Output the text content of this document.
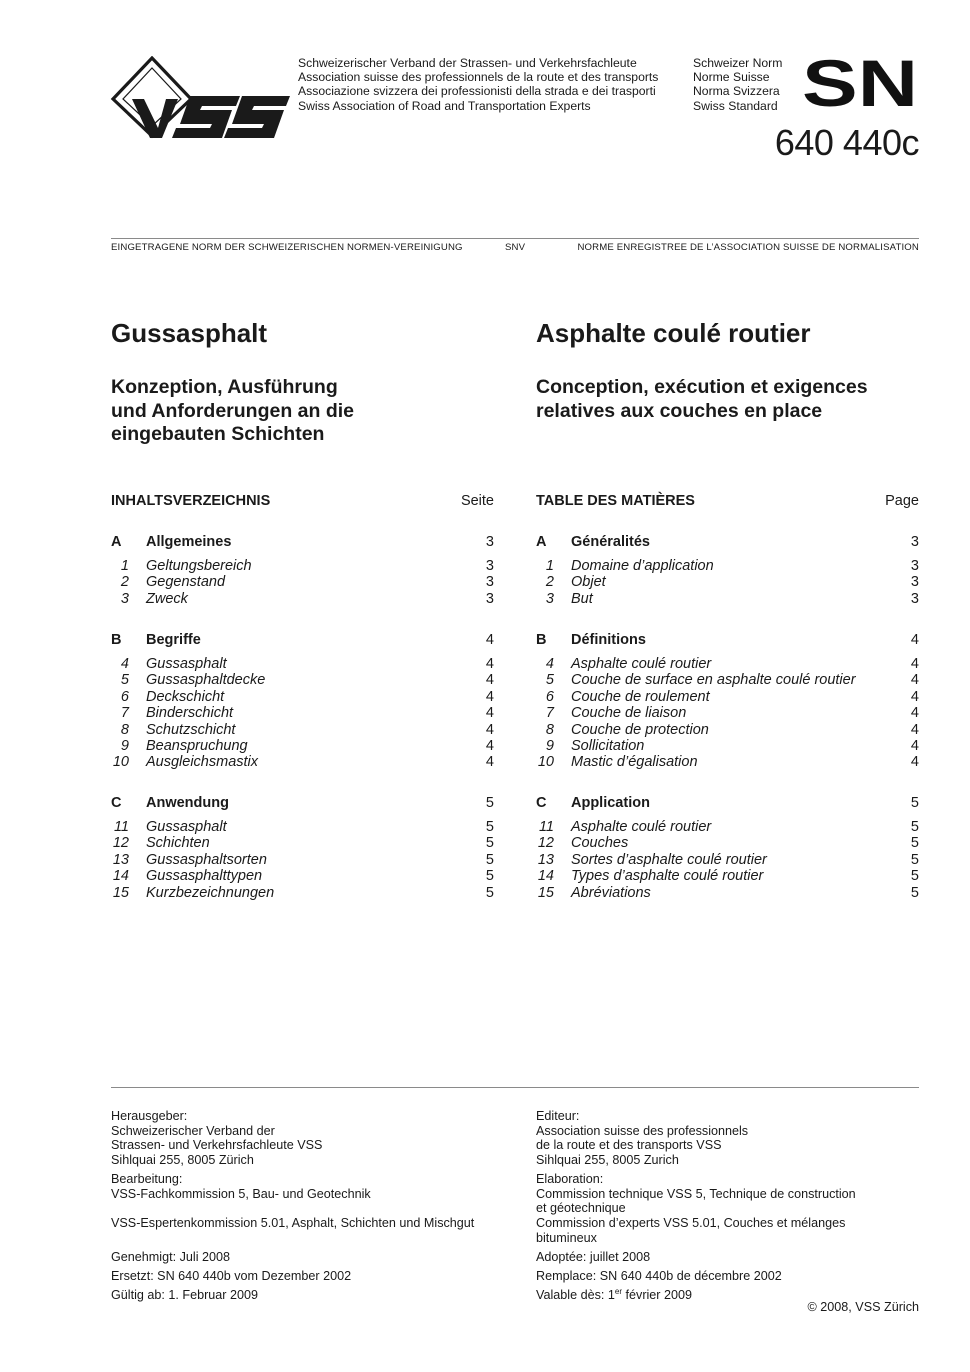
VSS	Schweizerischer Verband der Strassen- und Verkehrsfachleute
Association suisse des professionnels de la route et des transports
Associazione svizzera dei professionisti della strada e dei trasporti
Swiss Association of Road and Transportation Experts
Schweizer Norm
Norme Suisse
Norma Svizzera
Swiss Standard SN
640 440c
EINGETRAGENE NORM DER SCHWEIZERISCHEN NORMEN-VEREINIGUNG	SNV	NORME ENREGISTREE DE L’ASSOCIATION SUISSE DE NORMALISATION
Gussasphalt	Asphalte coulé routier
Konzeption, Ausführung
und Anforderungen an die
eingebauten Schichten
Conception, exécution et exigences
relatives aux couches en place
INHALTSVERZEICHNIS	Seite	TABLE DES MATIÈRES	Page
A	Allgemeines	3
1 Geltungsbereich	3
2 Gegenstand	3
3 Zweck	3
B	Begriffe	4
4 Gussasphalt	4
5 Gussasphaltdecke	4
6 Deckschicht	4
7 Binderschicht	4
8 Schutzschicht	4
9 Beanspruchung	4
10 Ausgleichsmastix	4
C	Anwendung	5
11 Gussasphalt	5
12 Schichten	5
13 Gussasphaltsorten	5
14 Gussasphalttypen	5
15 Kurzbezeichnungen	5
A	Généralités	3
1 Domaine d’application	3
2 Objet	3
3 But	3
B	Définitions	4
4 Asphalte coulé routier	4
5 Couche de surface en asphalte coulé routier	4
6 Couche de roulement	4
7 Couche de liaison	4
8 Couche de protection	4
9 Sollicitation	4
10 Mastic d’égalisation	4
C	Application	5
11 Asphalte coulé routier	5
12 Couches	5
13 Sortes d’asphalte coulé routier	5
14 Types d’asphalte coulé routier	5
15 Abréviations	5
Herausgeber:
Schweizerischer Verband der
Strassen- und Verkehrsfachleute VSS
Sihlquai 255, 8005 Zürich
Bearbeitung:
VSS-Fachkommission 5, Bau- und Geotechnik
VSS-Espertenkommission 5.01, Asphalt, Schichten und Mischgut
Genehmigt: Juli 2008
Ersetzt: SN 640 440b vom Dezember 2002
Gültig ab: 1. Februar 2009
Editeur:
Association suisse des professionnels
de la route et des transports VSS
Sihlquai 255, 8005 Zurich
Elaboration:
Commission technique VSS 5, Technique de construction
et géotechnique
Commission d’experts VSS 5.01, Couches et mélanges
bitumineux
Adoptée: juillet 2008
Remplace: SN 640 440b de décembre 2002
Valable dès: 1er février 2009
© 2008, VSS Zürich
